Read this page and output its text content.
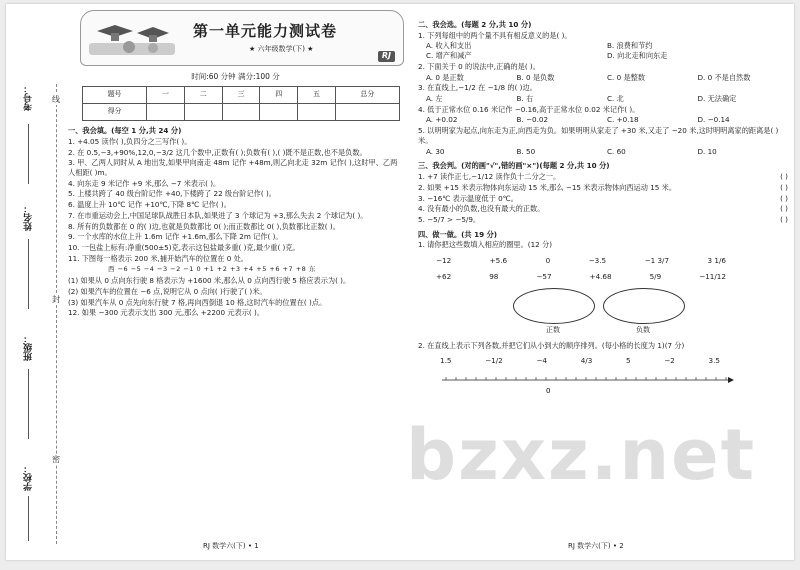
考号：
姓名：
班级：
学校：
线
封
密
第一单元能力测试卷
★ 六年级数学(下) ★
RJ
时间:60 分钟 满分:100 分
题号	一	二	三	四	五	总分
得分						
一、我会填。(每空 1 分,共 24 分)
1. +4.05 读作( ),负四分之三写作( )。
2. 在 0.5,−3,+90%,12,0,−3/2 这几个数中,正数有( );负数有( ),( )既不是正数,也不是负数。
3. 甲、乙两人同时从 A 地出发,如果甲向南走 48m 记作 +48m,则乙向北走 32m 记作( ),这时甲、乙两人相距( )m。
4. 向东走 9 米记作 +9 米,那么 −7 米表示( )。
5. 上楼共跨了 40 级台阶记作 +40,下楼跨了 22 级台阶记作( )。
6. 温度上升 10℃ 记作 +10℃,下降 8℃ 记作( )。
7. 在市重运动会上,中国足球队战胜日本队,如果进了 3 个球记为 +3,那么失去 2 个球记为( )。
8. 所有的负数都在 0 的( )边,也就是负数都比 0( );而正数都比 0( ),负数都比正数( )。
9. 一个水库的水位上升 1.6m 记作 +1.6m,那么下降 2m 记作( )。
10. 一包盐上标有:净重(500±5)克,表示这包盐最多重( )克,最少重( )克。
11. 下图每一格表示 200 米,捕开始汽车的位置在 0 处。
西 −6 −5 −4 −3 −2 −1 0 +1 +2 +3 +4 +5 +6 +7 +8 东
(1) 如果从 0 点向东行驶 8 格表示为 +1600 米,那么从 0 点向西行驶 5 格应表示为( )。
(2) 如果汽车的位置在 −6 点,说明它从 0 点向( )行驶了( )米。
(3) 如果汽车从 0 点先向东行驶 7 格,再向西倒退 10 格,这时汽车的位置在( )点。
12. 如果 −300 元表示支出 300 元,那么 +2200 元表示( )。
RJ 数学六(下) • 1
二、我会选。(每题 2 分,共 10 分)
1. 下列每组中的两个量不具有相反意义的是( )。
A. 收入和支出	B. 浪费和节约
C. 增产和减产	D. 向北走和向东走
2. 下面关于 0 的说法中,正确的是( )。
A. 0 是正数	B. 0 是负数	C. 0 是整数	D. 0 不是自然数
3. 在直线上,−1/2 在 −1/8 的( )边。
A. 左	B. 右	C. 北	D. 无法确定
4. 低于正常水位 0.16 米记作 −0.16,高于正常水位 0.02 米记作( )。
A. +0.02	B. −0.02	C. +0.18	D. −0.14
5. 以明明家为起点,向东走为正,向西走为负。如果明明从家走了 +30 米,又走了 −20 米,这时明明离家的距离是( )米。
A. 30	B. 50	C. 60	D. 10
三、我会判。(对的画"√",错的画"×")(每题 2 分,共 10 分)
1. +7 读作正七,−1/12 读作负十二分之一。	( )
2. 如果 +15 米表示物体向东运动 15 米,那么 −15 米表示物体向西运动 15 米。	( )
3. −16℃ 表示温度低于 0℃。	( )
4. 没有最小的负数,也没有最大的正数。	( )
5. −5/7 > −5/9。	( )
四、做一做。(共 19 分)
1. 请你把这些数填入相应的圈里。(12 分)
−12	+5.6	0	−3.5	−1 3/7	3 1/6
+62	98	−57	+4.68	5/9	−11/12
正数	负数
2. 在直线上表示下列各数,并把它们从小到大的顺序排列。(每小格的长度为 1)(7 分)
1.5	−1/2	−4	4/3	5	−2	3.5
0
RJ 数学六(下) • 2
bzxz.net
